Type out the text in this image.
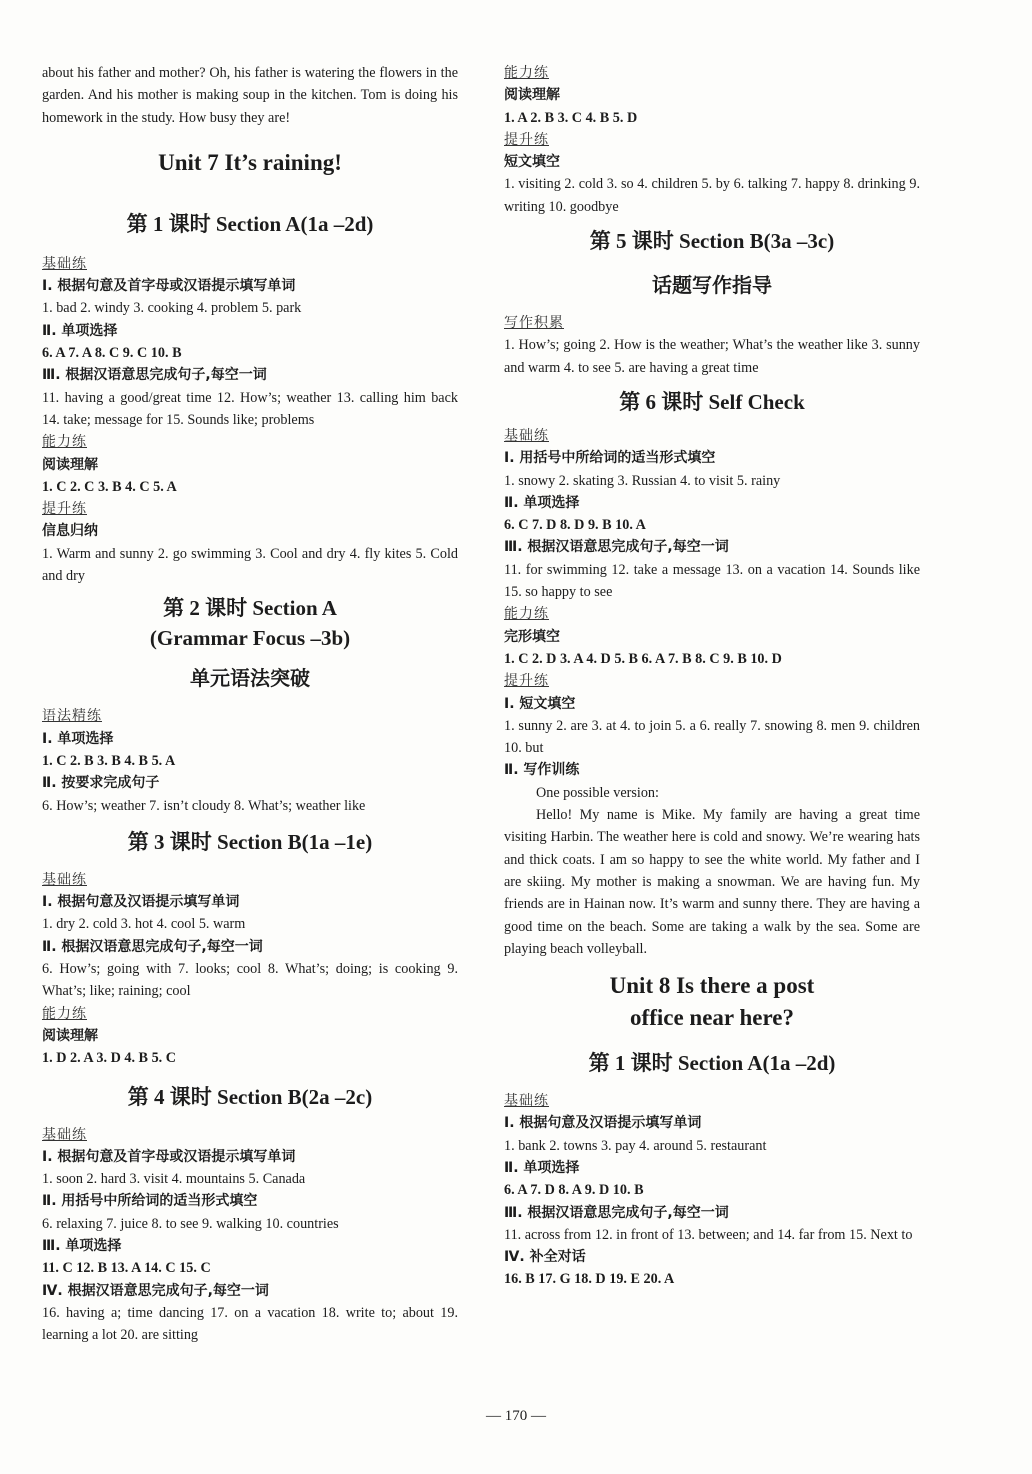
about his father and mother? Oh, his father is watering the flowers in the garden. And his mother is making soup in the kitchen. Tom is doing his homework in the study. How busy they are!

Unit 7 It’s raining!
第 1 课时 Section A(1a –2d)
基础练
Ⅰ. 根据句意及首字母或汉语提示填写单词
1. bad 2. windy 3. cooking 4. problem 5. park
Ⅱ. 单项选择
6. A 7. A 8. C 9. C 10. B
Ⅲ. 根据汉语意思完成句子,每空一词
11. having a good/great time 12. How’s; weather 13. calling him back 14. take; message for 15. Sounds like; problems
能力练
阅读理解
1. C 2. C 3. B 4. C 5. A
提升练
信息归纳
1. Warm and sunny 2. go swimming 3. Cool and dry 4. fly kites 5. Cold and dry
第 2 课时 Section A
(Grammar Focus –3b)
单元语法突破
语法精练
Ⅰ. 单项选择
1. C 2. B 3. B 4. B 5. A
Ⅱ. 按要求完成句子
6. How’s; weather 7. isn’t cloudy 8. What’s; weather like
第 3 课时 Section B(1a –1e)
基础练
Ⅰ. 根据句意及汉语提示填写单词
1. dry 2. cold 3. hot 4. cool 5. warm
Ⅱ. 根据汉语意思完成句子,每空一词
6. How’s; going with 7. looks; cool 8. What’s; doing; is cooking 9. What’s; like; raining; cool
能力练
阅读理解
1. D 2. A 3. D 4. B 5. C
第 4 课时 Section B(2a –2c)
基础练
Ⅰ. 根据句意及首字母或汉语提示填写单词
1. soon 2. hard 3. visit 4. mountains 5. Canada
Ⅱ. 用括号中所给词的适当形式填空
6. relaxing 7. juice 8. to see 9. walking 10. countries
Ⅲ. 单项选择
11. C 12. B 13. A 14. C 15. C
Ⅳ. 根据汉语意思完成句子,每空一词
16. having a; time dancing 17. on a vacation 18. write to; about 19. learning a lot 20. are sitting
能力练
阅读理解
1. A 2. B 3. C 4. B 5. D
提升练
短文填空
1. visiting 2. cold 3. so 4. children 5. by 6. talking 7. happy 8. drinking 9. writing 10. goodbye
第 5 课时 Section B(3a –3c)
话题写作指导
写作积累
1. How’s; going 2. How is the weather; What’s the weather like 3. sunny and warm 4. to see 5. are having a great time
第 6 课时 Self Check
基础练
Ⅰ. 用括号中所给词的适当形式填空
1. snowy 2. skating 3. Russian 4. to visit 5. rainy
Ⅱ. 单项选择
6. C 7. D 8. D 9. B 10. A
Ⅲ. 根据汉语意思完成句子,每空一词
11. for swimming 12. take a message 13. on a vacation 14. Sounds like 15. so happy to see
能力练
完形填空
1. C 2. D 3. A 4. D 5. B 6. A 7. B 8. C 9. B 10. D
提升练
Ⅰ. 短文填空
1. sunny 2. are 3. at 4. to join 5. a 6. really 7. snowing 8. men 9. children 10. but
Ⅱ. 写作训练
One possible version:
Hello! My name is Mike. My family are having a great time visiting Harbin. The weather here is cold and snowy. We’re wearing hats and thick coats. I am so happy to see the white world. My father and I are skiing. My mother is making a snowman. We are having fun. My friends are in Hainan now. It’s warm and sunny there. They are having a good time on the beach. Some are taking a walk by the sea. Some are playing beach volleyball.
Unit 8 Is there a post
office near here?
第 1 课时 Section A(1a –2d)
基础练
Ⅰ. 根据句意及汉语提示填写单词
1. bank 2. towns 3. pay 4. around 5. restaurant
Ⅱ. 单项选择
6. A 7. D 8. A 9. D 10. B
Ⅲ. 根据汉语意思完成句子,每空一词
11. across from 12. in front of 13. between; and 14. far from 15. Next to
Ⅳ. 补全对话
16. B 17. G 18. D 19. E 20. A
— 170 —
